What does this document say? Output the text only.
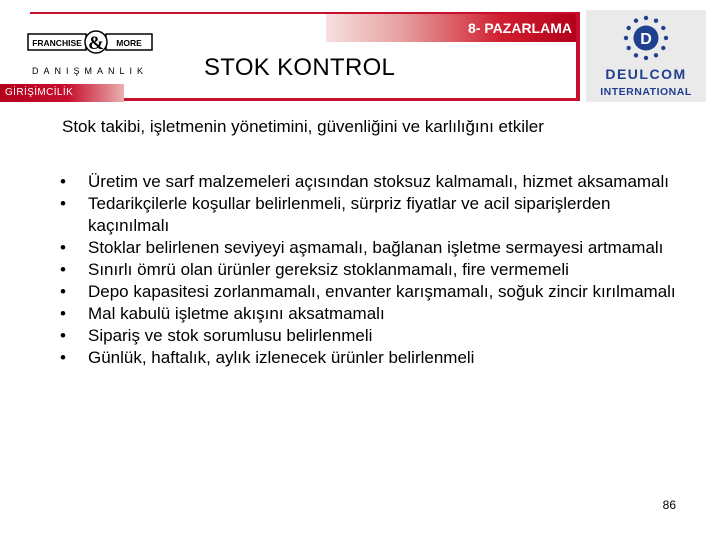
FRANCHISE	MORE
&
DANIŞMANLIK
8- PAZARLAMA
STOK KONTROL
GİRİŞİMCİLİK
D
DEULCOM
INTERNATIONAL
Stok takibi, işletmenin yönetimini, güvenliğini ve karlılığını etkiler
• Üretim ve sarf malzemeleri açısından stoksuz kalmamalı, hizmet aksamamalı
• Tedarikçilerle koşullar belirlenmeli, sürpriz fiyatlar ve acil siparişlerden kaçınılmalı
• Stoklar belirlenen seviyeyi aşmamalı, bağlanan işletme sermayesi artmamalı
• Sınırlı ömrü olan ürünler gereksiz stoklanmamalı, fire vermemeli
• Depo kapasitesi zorlanmamalı, envanter karışmamalı, soğuk zincir kırılmamalı
• Mal kabulü işletme akışını aksatmamalı
• Sipariş ve stok sorumlusu belirlenmeli
• Günlük, haftalık, aylık izlenecek ürünler belirlenmeli
86
